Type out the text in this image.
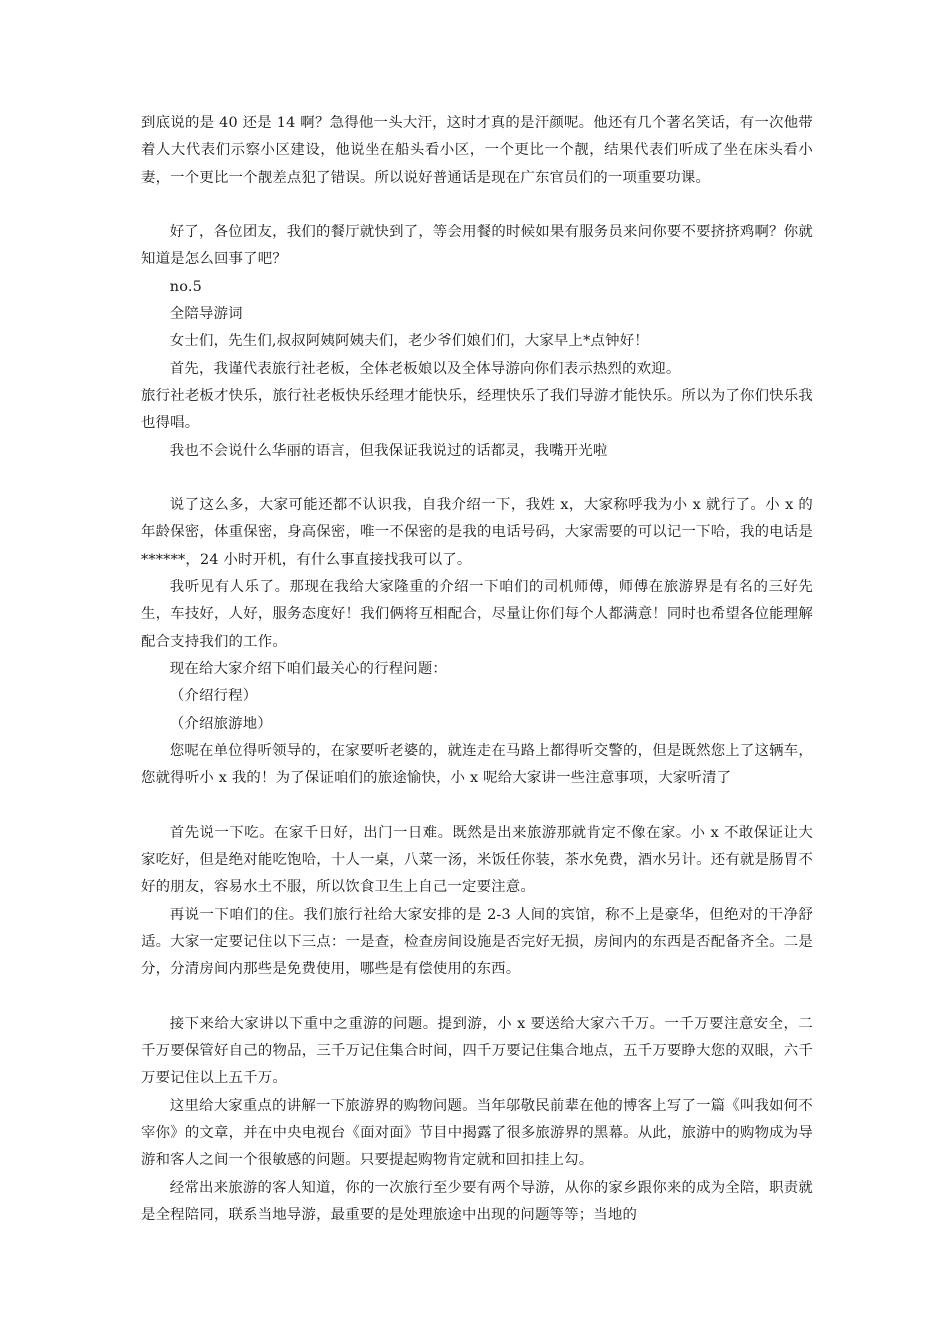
到底说的是 40 还是 14 啊？急得他一头大汗，这时才真的是汗颜呢。他还有几个著名笑话，有一次他带着人大代表们示察小区建设，他说坐在船头看小区，一个更比一个靓，结果代表们听成了坐在床头看小妻，一个更比一个靓差点犯了错误。所以说好普通话是现在广东官员们的一项重要功课。

好了，各位团友，我们的餐厅就快到了，等会用餐的时候如果有服务员来问你要不要挤挤鸡啊？你就知道是怎么回事了吧？

no.5

全陪导游词

女士们，先生们,叔叔阿姨阿姨夫们，老少爷们娘们们，大家早上*点钟好！

首先，我谨代表旅行社老板，全体老板娘以及全体导游向你们表示热烈的欢迎。

旅行社老板才快乐，旅行社老板快乐经理才能快乐，经理快乐了我们导游才能快乐。所以为了你们快乐我也得唱。

我也不会说什么华丽的语言，但我保证我说过的话都灵，我嘴开光啦

说了这么多，大家可能还都不认识我，自我介绍一下，我姓 x，大家称呼我为小 x 就行了。小 x 的年龄保密，体重保密，身高保密，唯一不保密的是我的电话号码，大家需要的可以记一下哈，我的电话是******，24 小时开机，有什么事直接找我可以了。

我听见有人乐了。那现在我给大家隆重的介绍一下咱们的司机师傅，师傅在旅游界是有名的三好先生，车技好，人好，服务态度好！我们俩将互相配合，尽量让你们每个人都满意！同时也希望各位能理解配合支持我们的工作。

现在给大家介绍下咱们最关心的行程问题：

（介绍行程）

（介绍旅游地）

您呢在单位得听领导的，在家要听老婆的，就连走在马路上都得听交警的，但是既然您上了这辆车，您就得听小 x 我的！为了保证咱们的旅途愉快，小 x 呢给大家讲一些注意事项，大家听清了

首先说一下吃。在家千日好，出门一日难。既然是出来旅游那就肯定不像在家。小 x 不敢保证让大家吃好，但是绝对能吃饱哈，十人一桌，八菜一汤，米饭任你装，茶水免费，酒水另计。还有就是肠胃不好的朋友，容易水土不服，所以饮食卫生上自己一定要注意。

再说一下咱们的住。我们旅行社给大家安排的是 2-3 人间的宾馆，称不上是豪华，但绝对的干净舒适。大家一定要记住以下三点：一是查，检查房间设施是否完好无损，房间内的东西是否配备齐全。二是分，分清房间内那些是免费使用，哪些是有偿使用的东西。

接下来给大家讲以下重中之重游的问题。提到游，小 x 要送给大家六千万。一千万要注意安全，二千万要保管好自己的物品，三千万记住集合时间，四千万要记住集合地点，五千万要睁大您的双眼，六千万要记住以上五千万。

这里给大家重点的讲解一下旅游界的购物问题。当年邬敬民前辈在他的博客上写了一篇《叫我如何不宰你》的文章，并在中央电视台《面对面》节目中揭露了很多旅游界的黑幕。从此，旅游中的购物成为导游和客人之间一个很敏感的问题。只要提起购物肯定就和回扣挂上勾。

经常出来旅游的客人知道，你的一次旅行至少要有两个导游，从你的家乡跟你来的成为全陪，职责就是全程陪同，联系当地导游，最重要的是处理旅途中出现的问题等等；当地的
